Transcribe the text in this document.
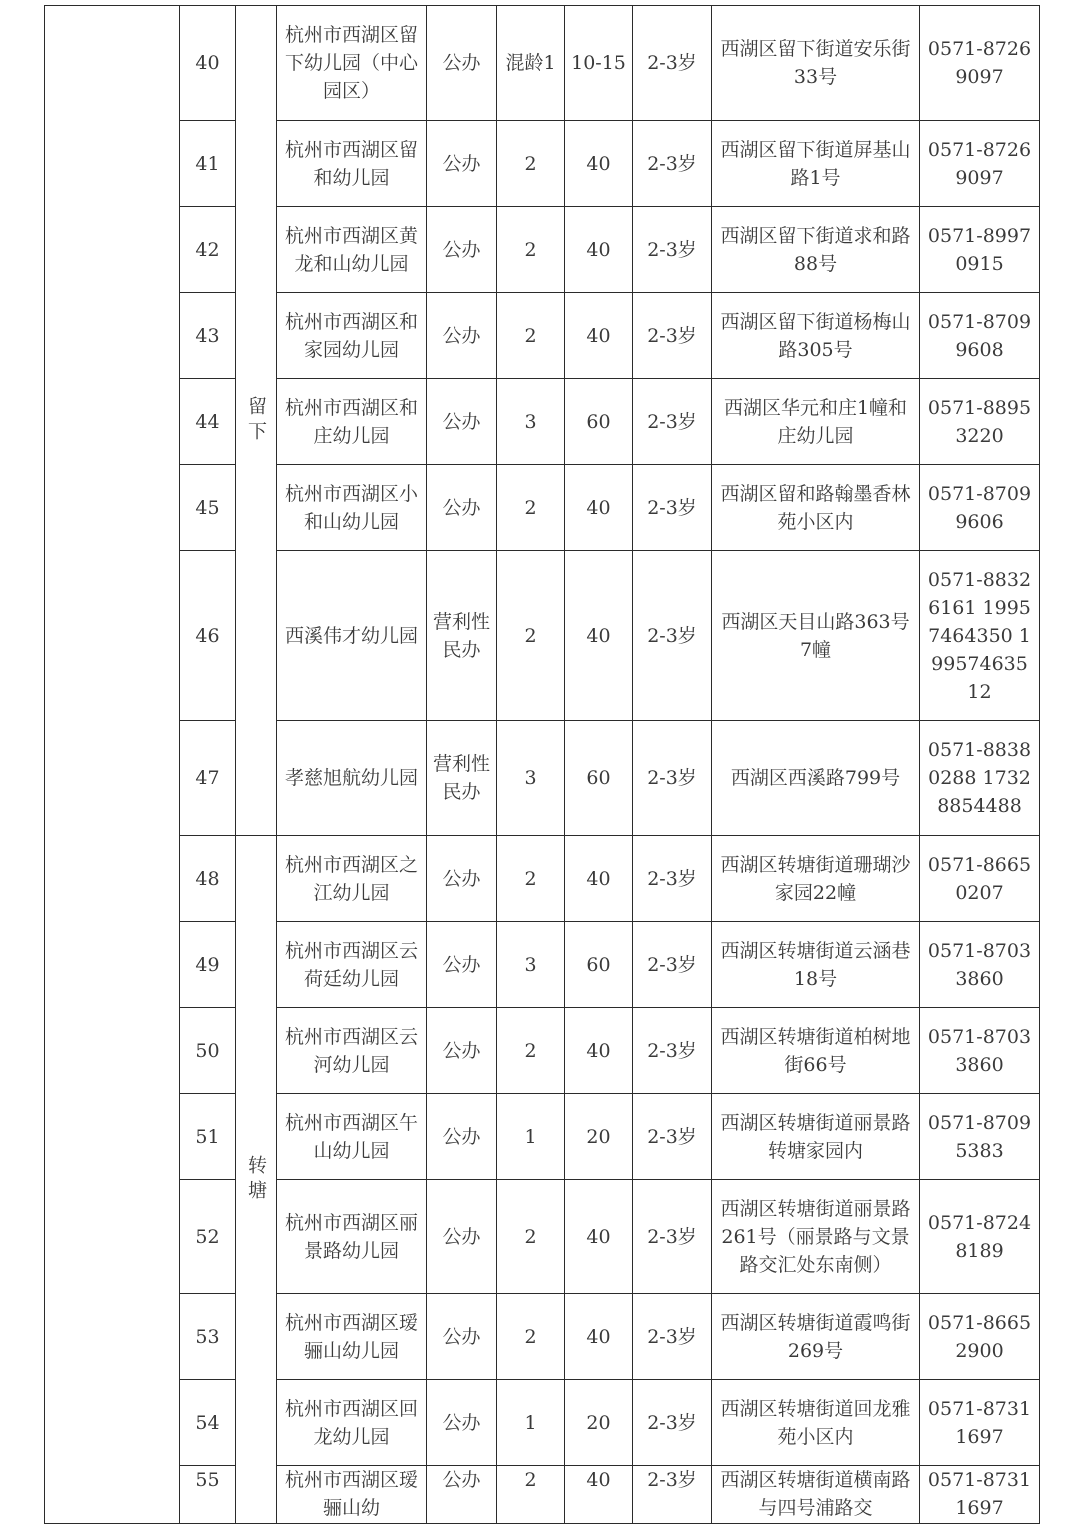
	40	留下	杭州市西湖区留下幼儿园（中心园区）	公办	混龄1	10-15	2-3岁	西湖区留下街道安乐街33号	0571-87269097
	41		杭州市西湖区留和幼儿园	公办	2	40	2-3岁	西湖区留下街道屏基山路1号	0571-87269097
	42		杭州市西湖区黄龙和山幼儿园	公办	2	40	2-3岁	西湖区留下街道求和路88号	0571-89970915
	43		杭州市西湖区和家园幼儿园	公办	2	40	2-3岁	西湖区留下街道杨梅山路305号	0571-87099608
	44		杭州市西湖区和庄幼儿园	公办	3	60	2-3岁	西湖区华元和庄1幢和庄幼儿园	0571-88953220
	45		杭州市西湖区小和山幼儿园	公办	2	40	2-3岁	西湖区留和路翰墨香林苑小区内	0571-87099606
	46		西溪伟才幼儿园	营利性民办	2	40	2-3岁	西湖区天目山路363号7幢	0571-88326161 19957464350 19957463512
	47		孝慈旭航幼儿园	营利性民办	3	60	2-3岁	西湖区西溪路799号	0571-88380288 17328854488
	48	转塘	杭州市西湖区之江幼儿园	公办	2	40	2-3岁	西湖区转塘街道珊瑚沙家园22幢	0571-86650207
	49		杭州市西湖区云荷廷幼儿园	公办	3	60	2-3岁	西湖区转塘街道云涵巷18号	0571-87033860
	50		杭州市西湖区云河幼儿园	公办	2	40	2-3岁	西湖区转塘街道柏树地街66号	0571-87033860
	51		杭州市西湖区午山幼儿园	公办	1	20	2-3岁	西湖区转塘街道丽景路转塘家园内	0571-87095383
	52		杭州市西湖区丽景路幼儿园	公办	2	40	2-3岁	西湖区转塘街道丽景路261号（丽景路与文景路交汇处东南侧）	0571-87248189
	53		杭州市西湖区瑷骊山幼儿园	公办	2	40	2-3岁	西湖区转塘街道霞鸣街269号	0571-86652900
	54		杭州市西湖区回龙幼儿园	公办	1	20	2-3岁	西湖区转塘街道回龙雅苑小区内	0571-87311697
	55		杭州市西湖区瑷骊山幼	公办	2	40	2-3岁	西湖区转塘街道横南路与四号浦路交	0571-87311697
